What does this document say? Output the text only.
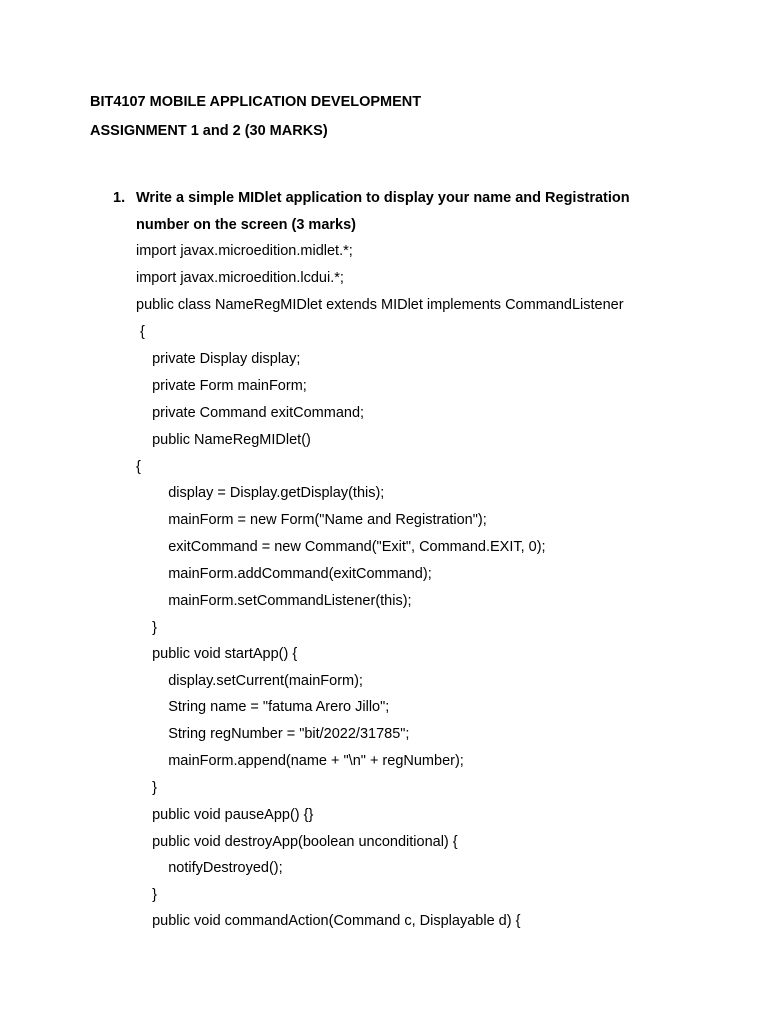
BIT4107 MOBILE APPLICATION DEVELOPMENT
ASSIGNMENT 1 and 2 (30 MARKS)
1. Write a simple MIDlet application to display your name and Registration
number on the screen (3 marks)
import javax.microedition.midlet.*;
import javax.microedition.lcdui.*;
public class NameRegMIDlet extends MIDlet implements CommandListener
{
private Display display;
private Form mainForm;
private Command exitCommand;
public NameRegMIDlet()
{
display = Display.getDisplay(this);
mainForm = new Form("Name and Registration");
exitCommand = new Command("Exit", Command.EXIT, 0);
mainForm.addCommand(exitCommand);
mainForm.setCommandListener(this);
}
public void startApp() {
display.setCurrent(mainForm);
String name = "fatuma Arero Jillo";
String regNumber = "bit/2022/31785";
mainForm.append(name + "\n" + regNumber);
}
public void pauseApp() {}
public void destroyApp(boolean unconditional) {
notifyDestroyed();
}
public void commandAction(Command c, Displayable d) {
